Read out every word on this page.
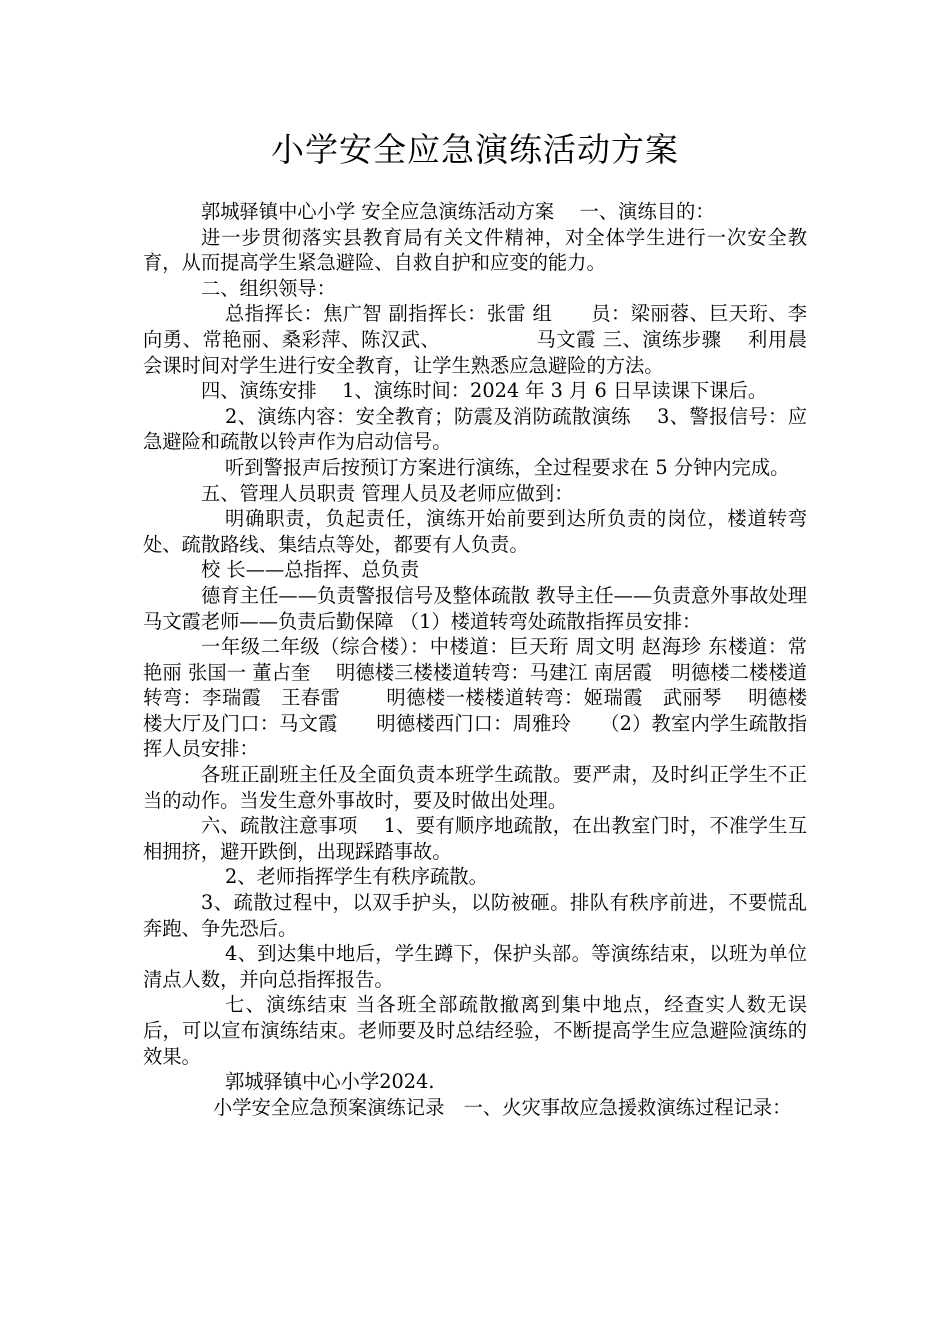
小学安全应急演练活动方案

郭城驿镇中心小学 安全应急演练活动方案 　一、演练目的：

进一步贯彻落实县教育局有关文件精神，对全体学生进行一次安全教育，从而提高学生紧急避险、自救自护和应变的能力。

二、组织领导：

总指挥长：焦广智 副指挥长：张雷 组　　员：梁丽蓉、巨天珩、李向勇、常艳丽、桑彩萍、陈汉武、　　　　　 马文霞 三、演练步骤　 利用晨会课时间对学生进行安全教育，让学生熟悉应急避险的方法。

四、演练安排　 1、演练时间：2024 年 3 月 6 日早读课下课后。

2、演练内容：安全教育；防震及消防疏散演练　 3、警报信号：应急避险和疏散以铃声作为启动信号。

听到警报声后按预订方案进行演练，全过程要求在 5 分钟内完成。

五、管理人员职责 管理人员及老师应做到：

明确职责，负起责任，演练开始前要到达所负责的岗位，楼道转弯处、疏散路线、集结点等处，都要有人负责。

校 长——总指挥、总负责

德育主任——负责警报信号及整体疏散 教导主任——负责意外事故处理 马文霞老师——负责后勤保障 （1）楼道转弯处疏散指挥员安排：

一年级二年级（综合楼）：中楼道：巨天珩 周文明 赵海珍 东楼道：常艳丽 张国一 董占奎　 明德楼三楼楼道转弯：马建江 南居霞　明德楼二楼楼道转弯：李瑞霞　王春雷　　 明德楼一楼楼道转弯：姬瑞霞　武丽琴　 明德楼楼大厅及门口：马文霞　　明德楼西门口：周雅玲　　（2）教室内学生疏散指挥人员安排：

各班正副班主任及全面负责本班学生疏散。要严肃，及时纠正学生不正当的动作。当发生意外事故时，要及时做出处理。

六、疏散注意事项　 1、要有顺序地疏散，在出教室门时，不准学生互相拥挤，避开跌倒，出现踩踏事故。

2、老师指挥学生有秩序疏散。

3、疏散过程中，以双手护头，以防被砸。排队有秩序前进，不要慌乱奔跑、争先恐后。

4、到达集中地后，学生蹲下，保护头部。等演练结束，以班为单位清点人数，并向总指挥报告。

七、演练结束 当各班全部疏散撤离到集中地点，经查实人数无误后，可以宣布演练结束。老师要及时总结经验，不断提高学生应急避险演练的效果。

郭城驿镇中心小学2024.

小学安全应急预案演练记录　一、火灾事故应急援救演练过程记录：
